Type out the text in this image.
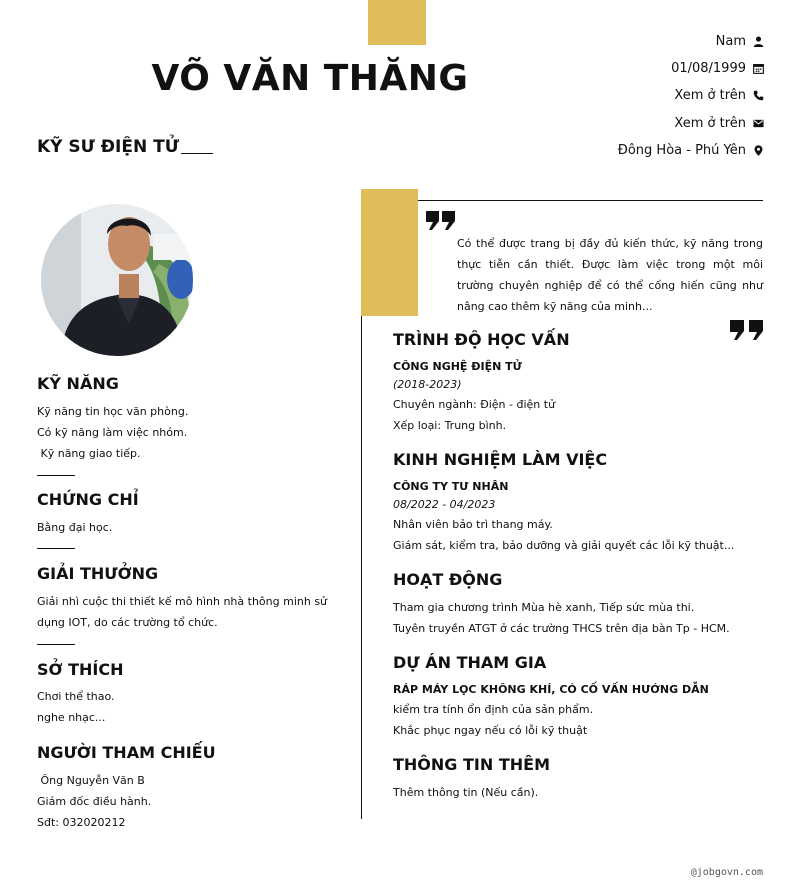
VÕ VĂN THĂNG
KỸ SƯ ĐIỆN TỬ
Nam
01/08/1999
Xem ở trên
Xem ở trên
Đông Hòa - Phú Yên
Có thể được trang bị đầy đủ kiến thức, kỹ năng trong thực tiễn cần thiết. Được làm việc trong một môi trường chuyên nghiệp để có thể cống hiến cũng như nâng cao thêm kỹ năng của minh...
KỸ NĂNG
Kỹ năng tin học văn phòng.
Có kỹ năng làm việc nhóm.
Kỹ năng giao tiếp.
CHỨNG CHỈ
Bằng đại học.
GIẢI THƯỞNG
Giải nhì cuộc thi thiết kế mô hình nhà thông minh sử dụng IOT, do các trường tổ chức.
SỞ THÍCH
Chơi thể thao.
nghe nhạc...
NGƯỜI THAM CHIẾU
Ông Nguyễn Văn B
Giám đốc điều hành.
Sđt: 032020212
TRÌNH ĐỘ HỌC VẤN
CÔNG NGHỆ ĐIỆN TỬ
(2018-2023)
Chuyên ngành: Điện - điện tử
Xếp loại: Trung bình.
KINH NGHIỆM LÀM VIỆC
CÔNG TY TƯ NHÂN
08/2022 - 04/2023
Nhân viên bảo trì thang máy.
Giám sát, kiểm tra, bảo dưỡng và giải quyết các lỗi kỹ thuật...
HOẠT ĐỘNG
Tham gia chương trình Mùa hè xanh, Tiếp sức mùa thi.
Tuyên truyền ATGT ở các trường THCS trên địa bàn Tp - HCM.
DỰ ÁN THAM GIA
RÁP MÁY LỌC KHÔNG KHÍ, CÓ CỐ VẤN HƯỚNG DẪN
kiểm tra tính ổn định của sản phẩm.
Khắc phục ngay nếu có lỗi kỹ thuật
THÔNG TIN THÊM
Thêm thông tin (Nếu cần).
@jobgovn.com
